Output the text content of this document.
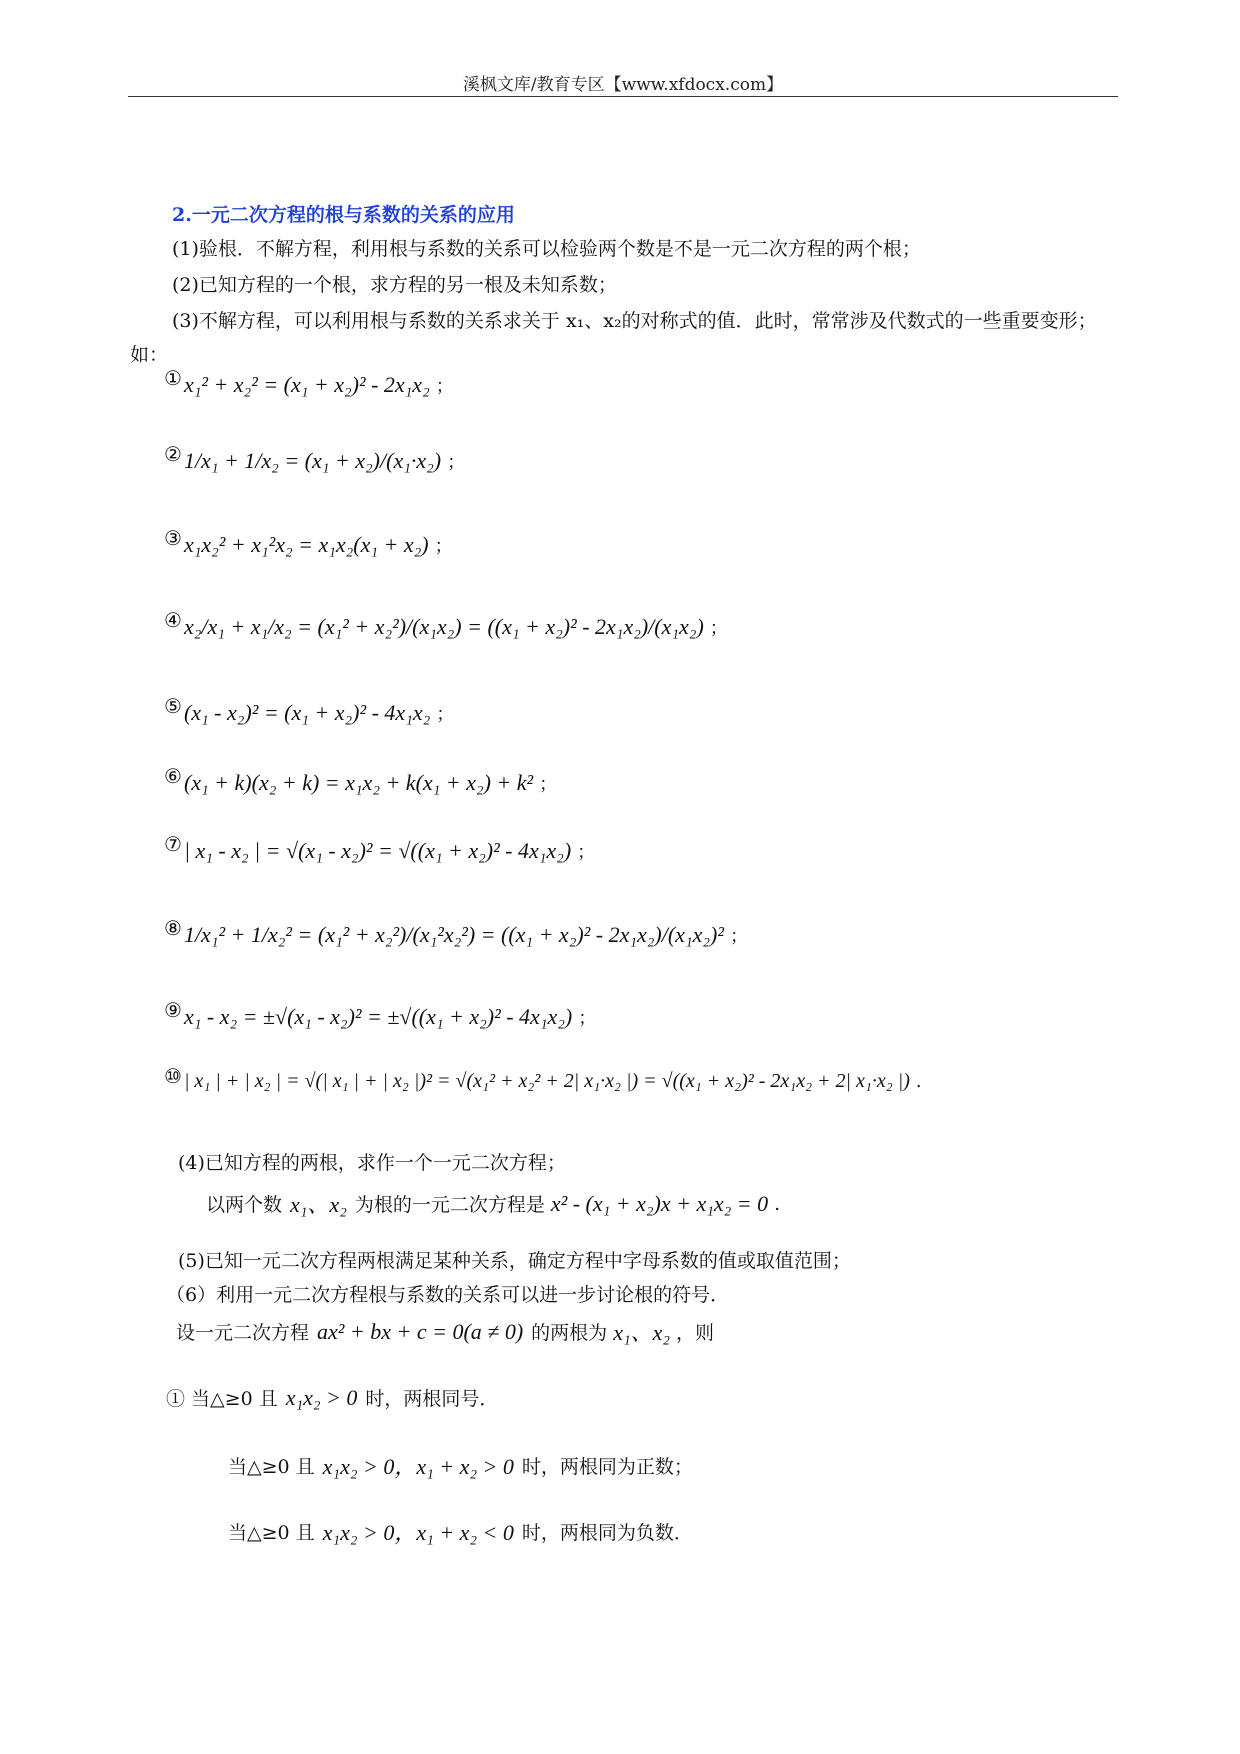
溪枫文库/教育专区【www.xfdocx.com】
2.一元二次方程的根与系数的关系的应用
(1)验根．不解方程，利用根与系数的关系可以检验两个数是不是一元二次方程的两个根；
(2)已知方程的一个根，求方程的另一根及未知系数；
(3)不解方程，可以利用根与系数的关系求关于 x₁、x₂的对称式的值．此时，常常涉及代数式的一些重要变形；如：
① x₁² + x₂² = (x₁ + x₂)² - 2x₁x₂ ；
② 1/x₁ + 1/x₂ = (x₁ + x₂)/(x₁·x₂) ；
③ x₁x₂² + x₁²x₂ = x₁x₂(x₁ + x₂) ；
④ x₂/x₁ + x₁/x₂ = (x₁² + x₂²)/(x₁x₂) = ((x₁ + x₂)² - 2x₁x₂)/(x₁x₂) ；
⑤ (x₁ - x₂)² = (x₁ + x₂)² - 4x₁x₂ ；
⑥ (x₁ + k)(x₂ + k) = x₁x₂ + k(x₁ + x₂) + k² ；
⑦ | x₁ - x₂ | = √(x₁ - x₂)² = √((x₁ + x₂)² - 4x₁x₂) ；
⑧ 1/x₁² + 1/x₂² = (x₁² + x₂²)/(x₁²x₂²) = ((x₁ + x₂)² - 2x₁x₂)/(x₁x₂)² ；
⑨ x₁ - x₂ = ±√(x₁ - x₂)² = ±√((x₁ + x₂)² - 4x₁x₂) ；
⑩ | x₁ | + | x₂ | = √(| x₁ | + | x₂ |)² = √(x₁² + x₂² + 2| x₁·x₂ |) = √((x₁ + x₂)² - 2x₁x₂ + 2| x₁·x₂ |) .
(4)已知方程的两根，求作一个一元二次方程；
以两个数 x₁、x₂ 为根的一元二次方程是 x² - (x₁ + x₂)x + x₁x₂ = 0 .
(5)已知一元二次方程两根满足某种关系，确定方程中字母系数的值或取值范围；
（6）利用一元二次方程根与系数的关系可以进一步讨论根的符号．
设一元二次方程 ax² + bx + c = 0(a ≠ 0) 的两根为 x₁、x₂ ，则
① 当△≥0 且 x₁x₂ > 0 时，两根同号．
当△≥0 且 x₁x₂ > 0，x₁ + x₂ > 0 时，两根同为正数；
当△≥0 且 x₁x₂ > 0，x₁ + x₂ < 0 时，两根同为负数．
